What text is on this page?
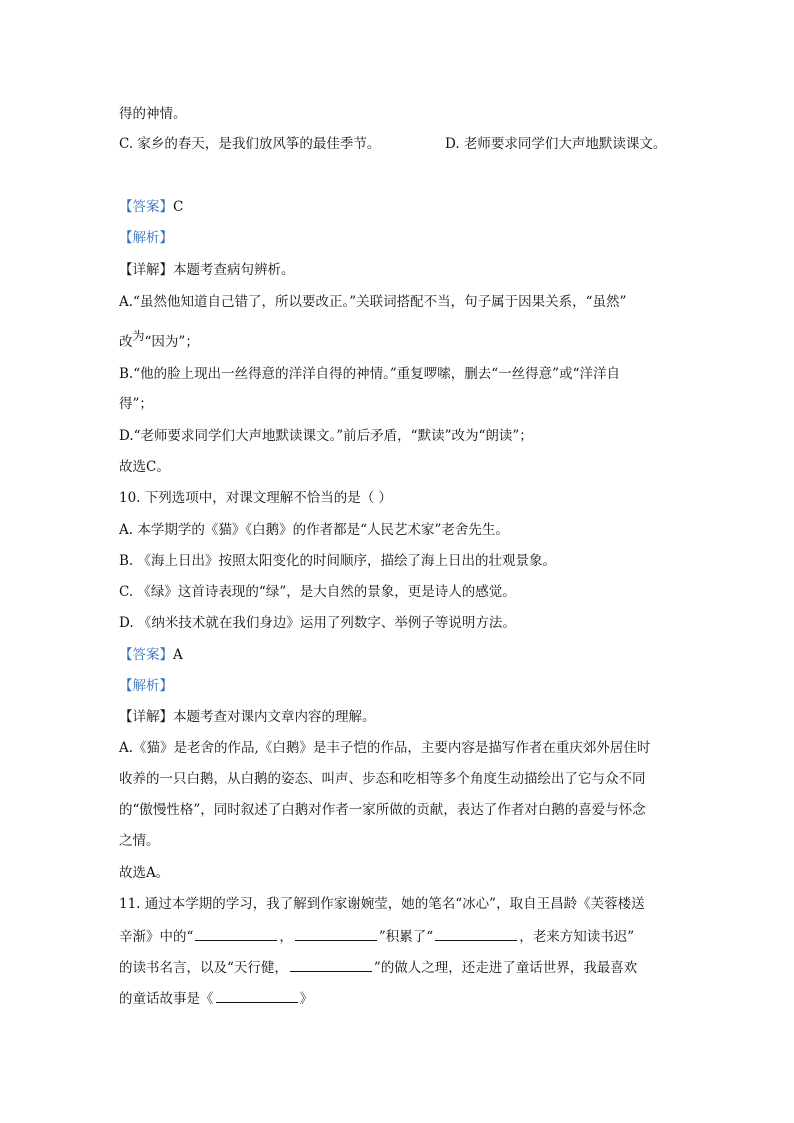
得的神情。
C. 家乡的春天，是我们放风筝的最佳季节。	D. 老师要求同学们大声地默读课文。
【答案】C
【解析】
【详解】本题考查病句辨析。
A.“虽然他知道自己错了，所以要改正。”关联词搭配不当，句子属于因果关系，“虽然”
改为“因为”；
B.“他的脸上现出一丝得意的洋洋自得的神情。”重复啰嗦，删去“一丝得意”或“洋洋自
得”；
D.“老师要求同学们大声地默读课文。”前后矛盾，“默读”改为“朗读”；
故选C。
10. 下列选项中，对课文理解不恰当的是（ ）
A. 本学期学的《猫》《白鹅》的作者都是“人民艺术家”老舍先生。
B. 《海上日出》按照太阳变化的时间顺序，描绘了海上日出的壮观景象。
C. 《绿》这首诗表现的“绿”，是大自然的景象，更是诗人的感觉。
D. 《纳米技术就在我们身边》运用了列数字、举例子等说明方法。
【答案】A
【解析】
【详解】本题考查对课内文章内容的理解。
A.《猫》是老舍的作品,《白鹅》是丰子恺的作品，主要内容是描写作者在重庆郊外居住时
收养的一只白鹅，从白鹅的姿态、叫声、步态和吃相等多个角度生动描绘出了它与众不同
的“傲慢性格”，同时叙述了白鹅对作者一家所做的贡献，表达了作者对白鹅的喜爱与怀念
之情。
故选A。
11. 通过本学期的学习，我了解到作家谢婉莹，她的笔名“冰心”，取自王昌龄《芙蓉楼送
辛渐》中的“	，	”积累了“	，老来方知读书迟”
的读书名言，以及“天行健，	”的做人之理，还走进了童话世界，我最喜欢
的童话故事是《	》
